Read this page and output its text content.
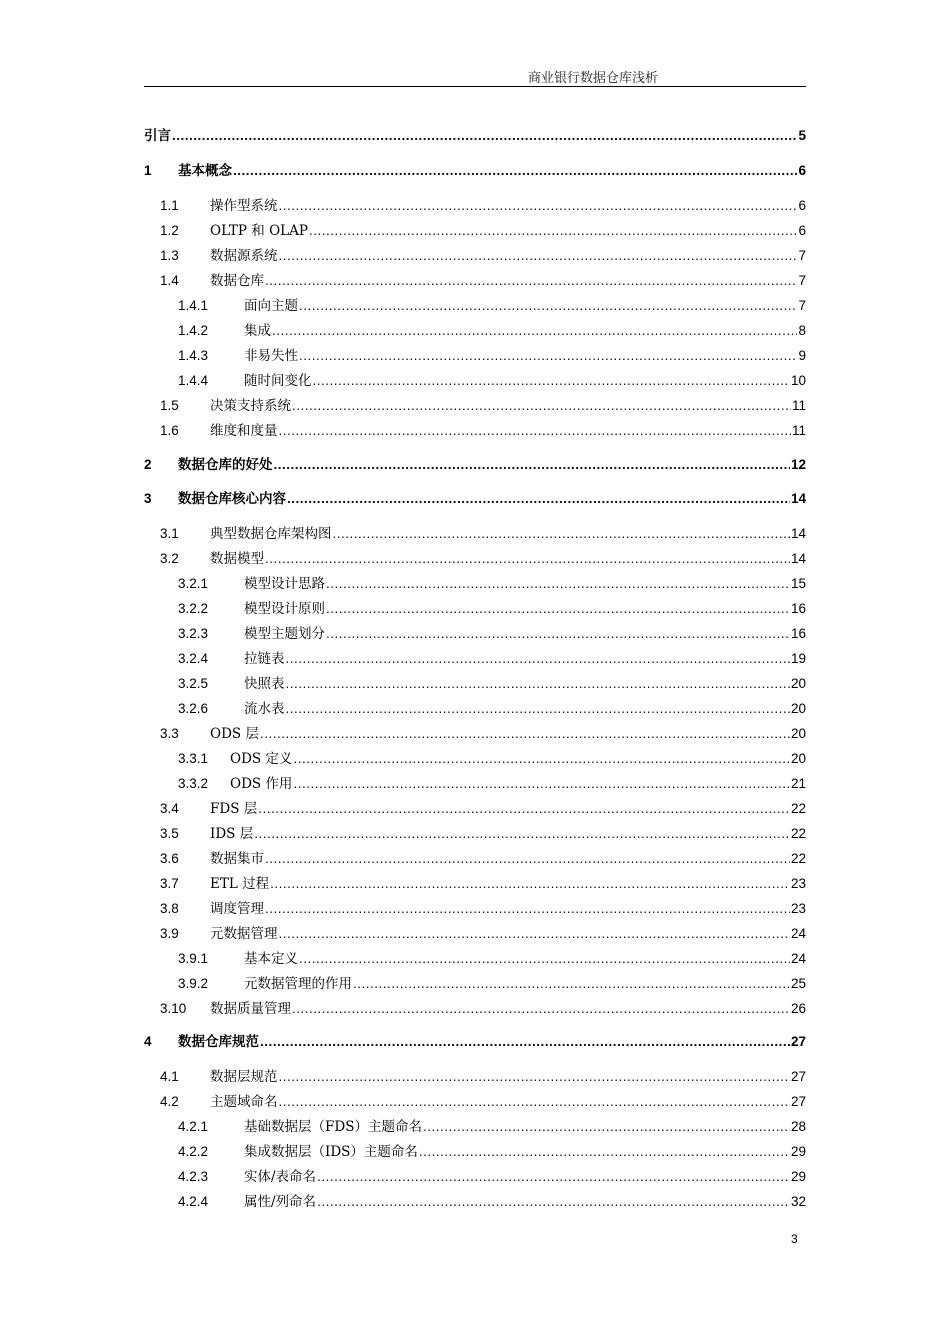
商业银行数据仓库浅析
引言 .....	5
1	基本概念 .....	6
1.1	操作型系统 .....	6
1.2	OLTP 和 OLAP .....	6
1.3	数据源系统 .....	7
1.4	数据仓库 .....	7
1.4.1	面向主题 .....	7
1.4.2	集成 .....	8
1.4.3	非易失性 .....	9
1.4.4	随时间变化 .....	10
1.5	决策支持系统 .....	11
1.6	维度和度量 .....	11
2	数据仓库的好处 .....	12
3	数据仓库核心内容 .....	14
3.1	典型数据仓库架构图 .....	14
3.2	数据模型 .....	14
3.2.1	模型设计思路 .....	15
3.2.2	模型设计原则 .....	16
3.2.3	模型主题划分 .....	16
3.2.4	拉链表 .....	19
3.2.5	快照表 .....	20
3.2.6	流水表 .....	20
3.3	ODS 层 .....	20
3.3.1	ODS 定义 .....	20
3.3.2	ODS 作用 .....	21
3.4	FDS 层 .....	22
3.5	IDS 层 .....	22
3.6	数据集市 .....	22
3.7	ETL 过程 .....	23
3.8	调度管理 .....	23
3.9	元数据管理 .....	24
3.9.1	基本定义 .....	24
3.9.2	元数据管理的作用 .....	25
3.10	数据质量管理 .....	26
4	数据仓库规范 .....	27
4.1	数据层规范 .....	27
4.2	主题域命名 .....	27
4.2.1	基础数据层（FDS）主题命名 .....	28
4.2.2	集成数据层（IDS）主题命名 .....	29
4.2.3	实体/表命名 .....	29
4.2.4	属性/列命名 .....	32
3
